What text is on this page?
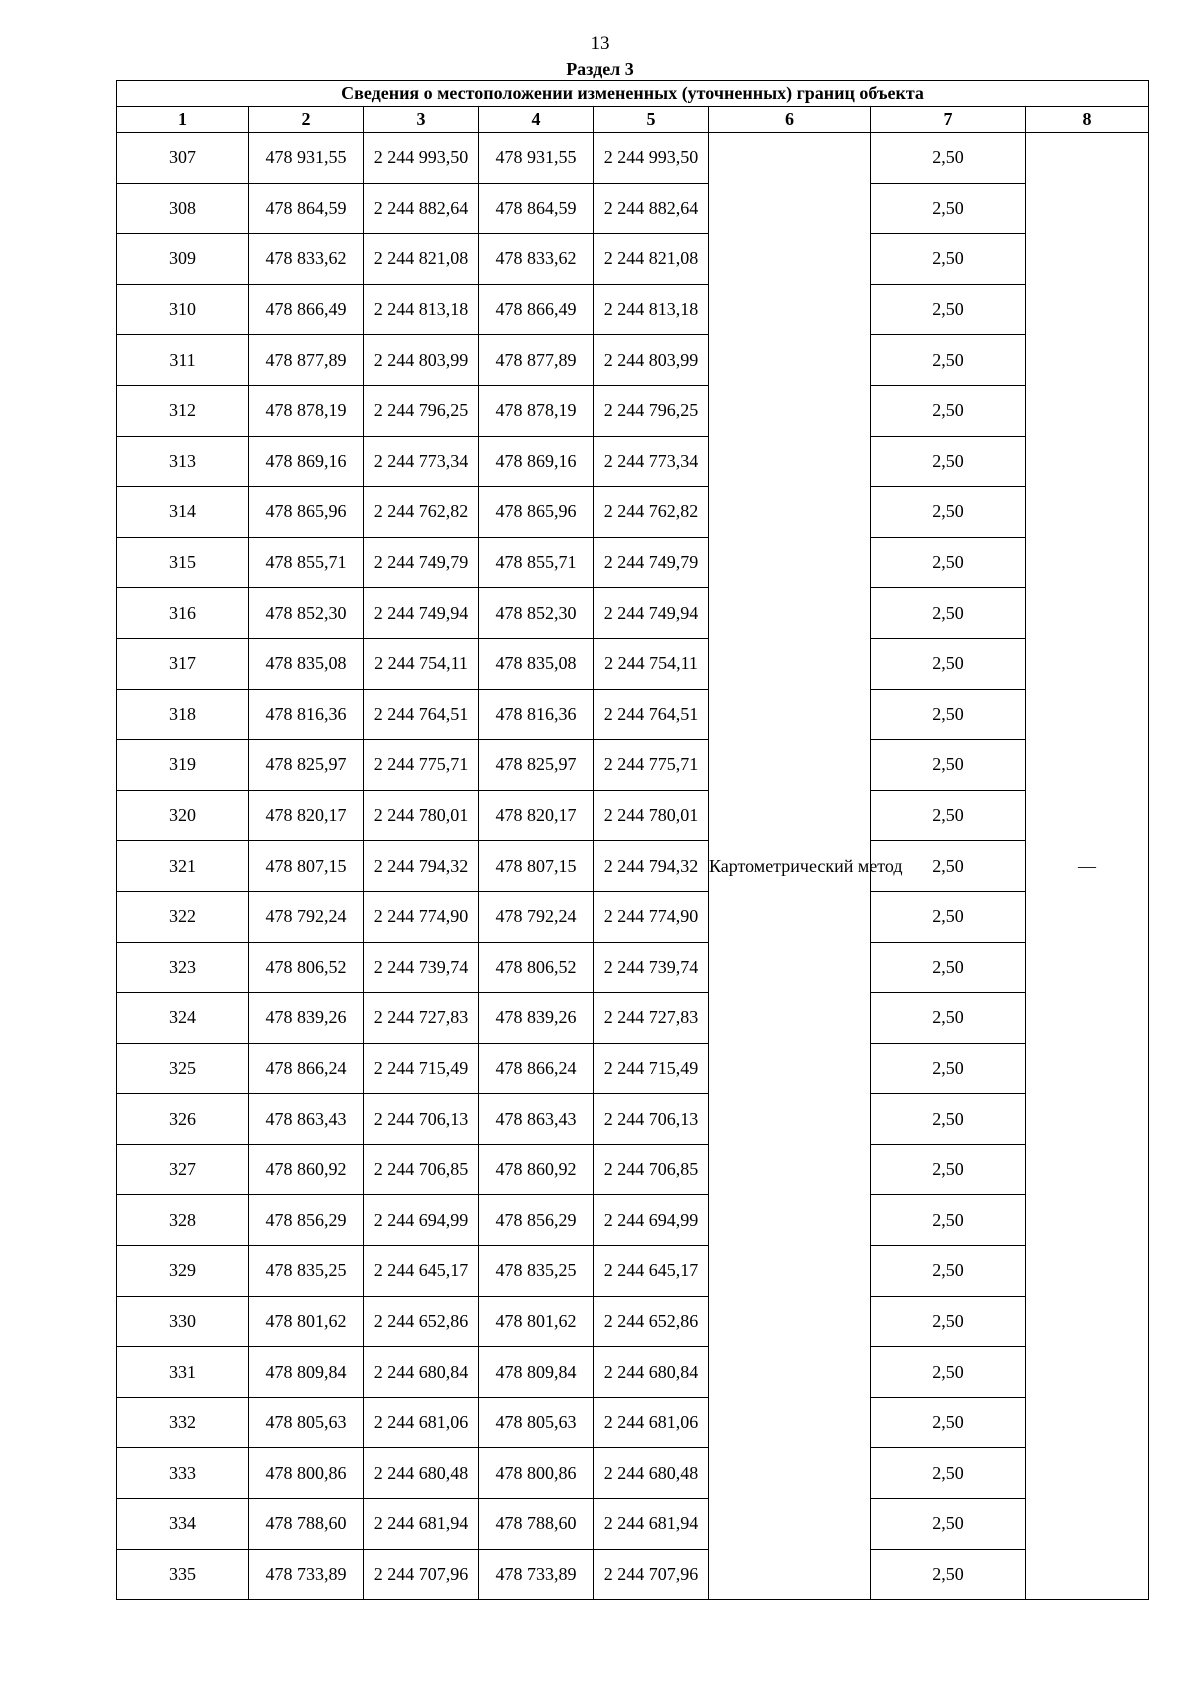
13
Раздел 3
Сведения о местоположении измененных (уточненных) границ объекта							
1	2	3	4	5	6	7	8
307	478 931,55	2 244 993,50	478 931,55	2 244 993,50	Картометрический метод	2,50	—
308	478 864,59	2 244 882,64	478 864,59	2 244 882,64		2,50	
309	478 833,62	2 244 821,08	478 833,62	2 244 821,08		2,50	
310	478 866,49	2 244 813,18	478 866,49	2 244 813,18		2,50	
311	478 877,89	2 244 803,99	478 877,89	2 244 803,99		2,50	
312	478 878,19	2 244 796,25	478 878,19	2 244 796,25		2,50	
313	478 869,16	2 244 773,34	478 869,16	2 244 773,34		2,50	
314	478 865,96	2 244 762,82	478 865,96	2 244 762,82		2,50	
315	478 855,71	2 244 749,79	478 855,71	2 244 749,79		2,50	
316	478 852,30	2 244 749,94	478 852,30	2 244 749,94		2,50	
317	478 835,08	2 244 754,11	478 835,08	2 244 754,11		2,50	
318	478 816,36	2 244 764,51	478 816,36	2 244 764,51		2,50	
319	478 825,97	2 244 775,71	478 825,97	2 244 775,71		2,50	
320	478 820,17	2 244 780,01	478 820,17	2 244 780,01		2,50	
321	478 807,15	2 244 794,32	478 807,15	2 244 794,32		2,50	
322	478 792,24	2 244 774,90	478 792,24	2 244 774,90		2,50	
323	478 806,52	2 244 739,74	478 806,52	2 244 739,74		2,50	
324	478 839,26	2 244 727,83	478 839,26	2 244 727,83		2,50	
325	478 866,24	2 244 715,49	478 866,24	2 244 715,49		2,50	
326	478 863,43	2 244 706,13	478 863,43	2 244 706,13		2,50	
327	478 860,92	2 244 706,85	478 860,92	2 244 706,85		2,50	
328	478 856,29	2 244 694,99	478 856,29	2 244 694,99		2,50	
329	478 835,25	2 244 645,17	478 835,25	2 244 645,17		2,50	
330	478 801,62	2 244 652,86	478 801,62	2 244 652,86		2,50	
331	478 809,84	2 244 680,84	478 809,84	2 244 680,84		2,50	
332	478 805,63	2 244 681,06	478 805,63	2 244 681,06		2,50	
333	478 800,86	2 244 680,48	478 800,86	2 244 680,48		2,50	
334	478 788,60	2 244 681,94	478 788,60	2 244 681,94		2,50	
335	478 733,89	2 244 707,96	478 733,89	2 244 707,96		2,50	
